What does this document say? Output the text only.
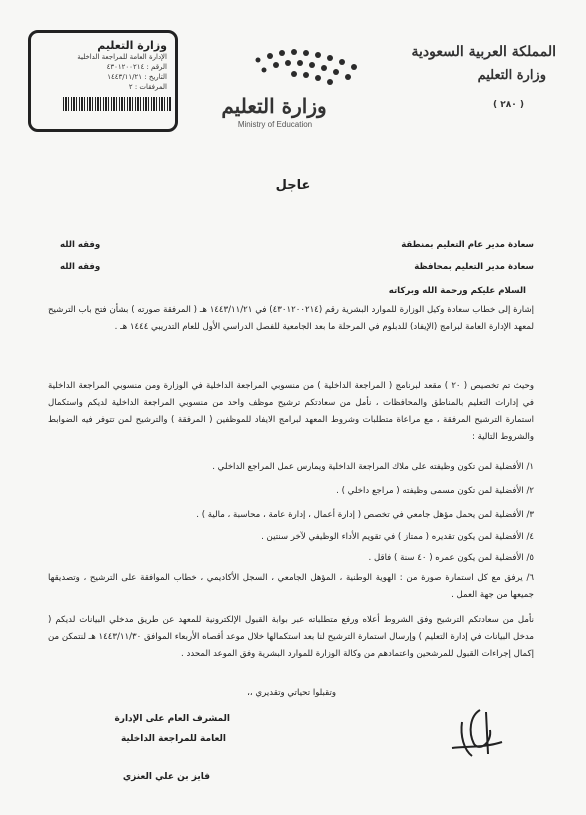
وزارة التعليم
الإدارة العامة للمراجعة الداخلية
الرقم : ٤٣٠١٢٠٠٢١٤
التاريخ : ١٤٤٣/١١/٢١
المرفقات : ٢
المملكة العربية السعودية
وزارة التعليم
( ٢٨٠ )
وزارة التعليم
Ministry of Education
عاجل
سعادة مدير عام التعليم بمنطقة
وفقه الله
سعادة مدير التعليم بمحافظة
وفقه الله
السلام عليكم ورحمة الله وبركاته
إشارة إلى خطاب سعادة وكيل الوزارة للموارد البشرية رقم (٤٣٠١٢٠٠٢١٤) في ١٤٤٣/١١/٢١ هـ ( المرفقة صورته ) بشأن فتح باب الترشيح لمعهد الإدارة العامة لبرامج (الإيفاد) للدبلوم في المرحلة ما بعد الجامعية للفصل الدراسي الأول للعام التدريبي ١٤٤٤ هـ .
وحيث تم تخصيص ( ٢٠ ) مقعد لبرنامج ( المراجعة الداخلية ) من منسوبي المراجعة الداخلية في الوزارة ومن منسوبي المراجعة الداخلية في إدارات التعليم بالمناطق والمحافظات ، نأمل من سعادتكم ترشيح موظف واحد من منسوبي المراجعة الداخلية لديكم واستكمال استمارة الترشيح المرفقة ، مع مراعاة متطلبات وشروط المعهد لبرامج الايفاد للموظفين ( المرفقة ) والترشيح لمن تتوفر فيه الضوابط والشروط التالية :
١/ الأفضلية لمن تكون وظيفته على ملاك المراجعة الداخلية ويمارس عمل المراجع الداخلي .
٢/ الأفضلية لمن تكون مسمى وظيفته ( مراجع داخلي ) .
٣/ الأفضلية لمن يحمل مؤهل جامعي في تخصص ( إدارة أعمال ، إدارة عامة ، محاسبة ، مالية ) .
٤/ الأفضلية لمن يكون تقديره ( ممتاز ) في تقويم الأداء الوظيفي لآخر سنتين .
٥/ الأفضلية لمن يكون عمره ( ٤٠ سنة ) فاقل .
٦/ يرفق مع كل استمارة صورة من : الهوية الوطنية ، المؤهل الجامعي ، السجل الأكاديمي ، خطاب الموافقة على الترشيح ، وتصديقها جميعها من جهة العمل .
نأمل من سعادتكم الترشيح وفق الشروط أعلاه ورفع متطلباته عبر بوابة القبول الإلكترونية للمعهد عن طريق مدخلي البيانات لديكم ( مدخل البيانات في إدارة التعليم ) وإرسال استمارة الترشيح لنا بعد استكمالها خلال موعد أقصاه الأربعاء الموافق ١٤٤٣/١١/٣٠ هـ لنتمكن من إكمال إجراءات القبول للمرشحين واعتمادهم من وكالة الوزارة للموارد البشرية وفق الموعد المحدد .
وتقبلوا تحياتي وتقديري ،،
المشرف العام على الإدارة
العامة للمراجعة الداخلية
فايز بن علي العنزي
